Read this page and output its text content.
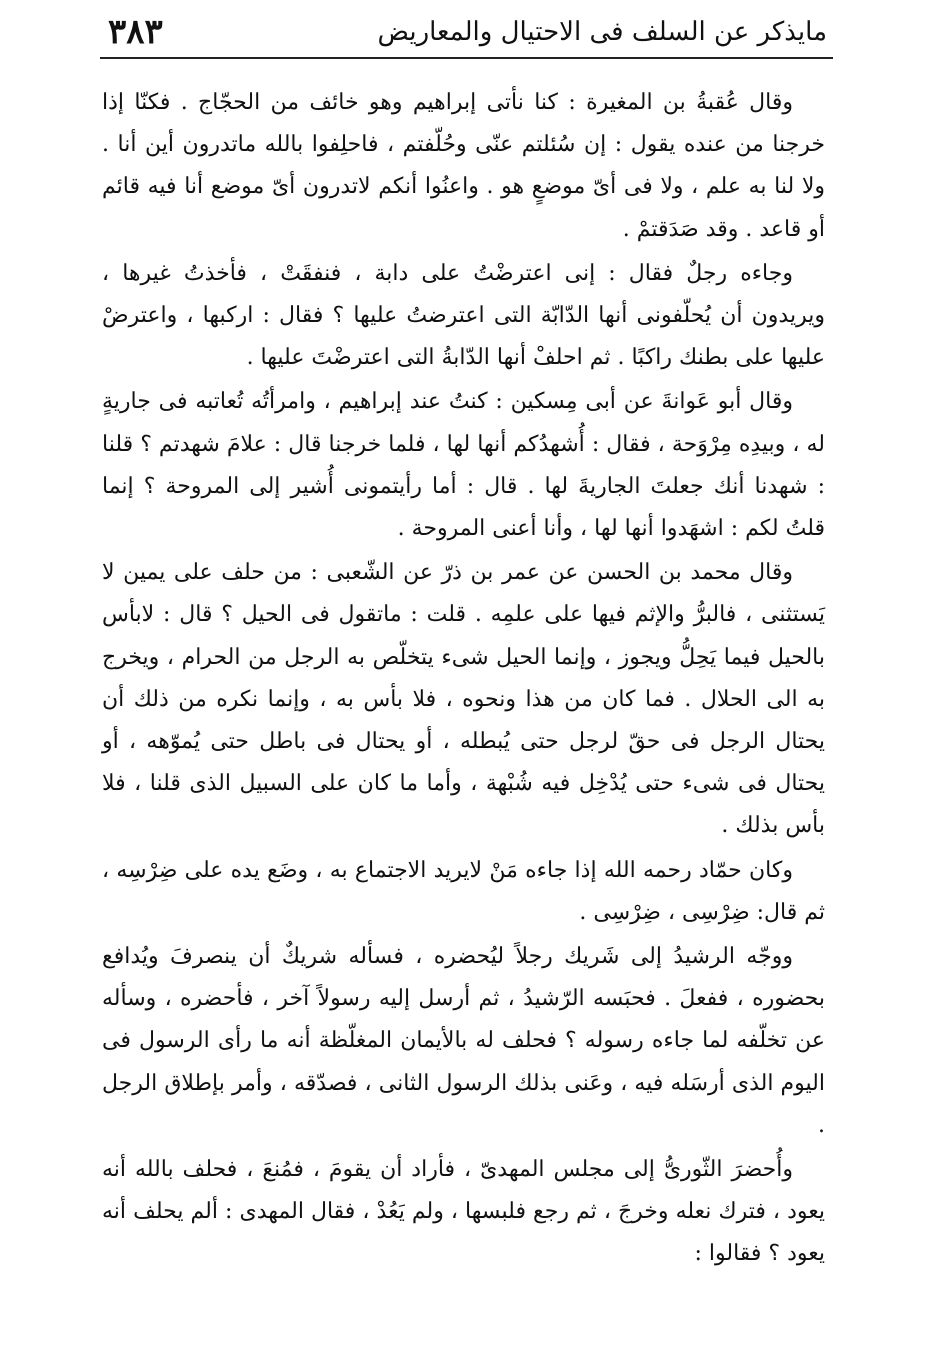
مايذكر عن السلف فى الاحتيال والمعاريض
٣٨٣

وقال عُقبةُ بن المغيرة : كنا نأتى إبراهيم وهو خائف من الحجّاج . فكنّا إذا خرجنا من عنده يقول : إن سُئلتم عنّى وحُلّفتم ، فاحلِفوا بالله ماتدرون أين أنا . ولا لنا به علم ، ولا فى أىّ موضعٍ هو . واعنُوا أنكم لاتدرون أىّ موضع أنا فيه قائم أو قاعد . وقد صَدَقتمْ .

وجاءه رجلٌ فقال : إنى اعترضْتُ على دابة ، فنفقَتْ ، فأخذتُ غيرها ، ويريدون أن يُحلّفونى أنها الدّابّة التى اعترضتُ عليها ؟ فقال : اركبها ، واعترضْ عليها على بطنك راكبًا . ثم احلفْ أنها الدّابةُ التى اعترضْتَ عليها .

وقال أبو عَوانةَ عن أبى مِسكين : كنتُ عند إبراهيم ، وامرأتُه تُعاتبه فى جاريةٍ له ، وبيدِه مِرْوَحة ، فقال : أُشهدُكم أنها لها ، فلما خرجنا قال : علامَ شهدتم ؟ قلنا : شهدنا أنك جعلتَ الجاريةَ لها . قال : أما رأيتمونى أُشير إلى المروحة ؟ إنما قلتُ لكم : اشهَدوا أنها لها ، وأنا أعنى المروحة .

وقال محمد بن الحسن عن عمر بن ذرّ عن الشّعبى : من حلف على يمين لا يَستثنى ، فالبرُّ والإثم فيها على علمِه . قلت : ماتقول فى الحيل ؟ قال : لابأس بالحيل فيما يَحِلُّ ويجوز ، وإنما الحيل شىء يتخلّص به الرجل من الحرام ، ويخرج به الى الحلال . فما كان من هذا ونحوه ، فلا بأس به ، وإنما نكره من ذلك أن يحتال الرجل فى حقّ لرجل حتى يُبطله ، أو يحتال فى باطل حتى يُموّهه ، أو يحتال فى شىء حتى يُدْخِل فيه شُبْهة ، وأما ما كان على السبيل الذى قلنا ، فلا بأس بذلك .

وكان حمّاد رحمه الله إذا جاءه مَنْ لايريد الاجتماع به ، وضَع يده على ضِرْسِه ، ثم قال: ضِرْسِى ، ضِرْسِى .

ووجّه الرشيدُ إلى شَريك رجلاً ليُحضره ، فسأله شريكٌ أن ينصرفَ ويُدافع بحضوره ، ففعلَ . فحبَسه الرّشيدُ ، ثم أرسل إليه رسولاً آخر ، فأحضره ، وسأله عن تخلّفه لما جاءه رسوله ؟ فحلف له بالأيمان المغلّظة أنه ما رأى الرسول فى اليوم الذى أرسَله فيه ، وعَنى بذلك الرسول الثانى ، فصدّقه ، وأمر بإطلاق الرجل .

وأُحضرَ الثّورىُّ إلى مجلس المهدىّ ، فأراد أن يقومَ ، فمُنعَ ، فحلف بالله أنه يعود ، فترك نعله وخرجَ ، ثم رجع فلبسها ، ولم يَعُدْ ، فقال المهدى : ألم يحلف أنه يعود ؟ فقالوا :
